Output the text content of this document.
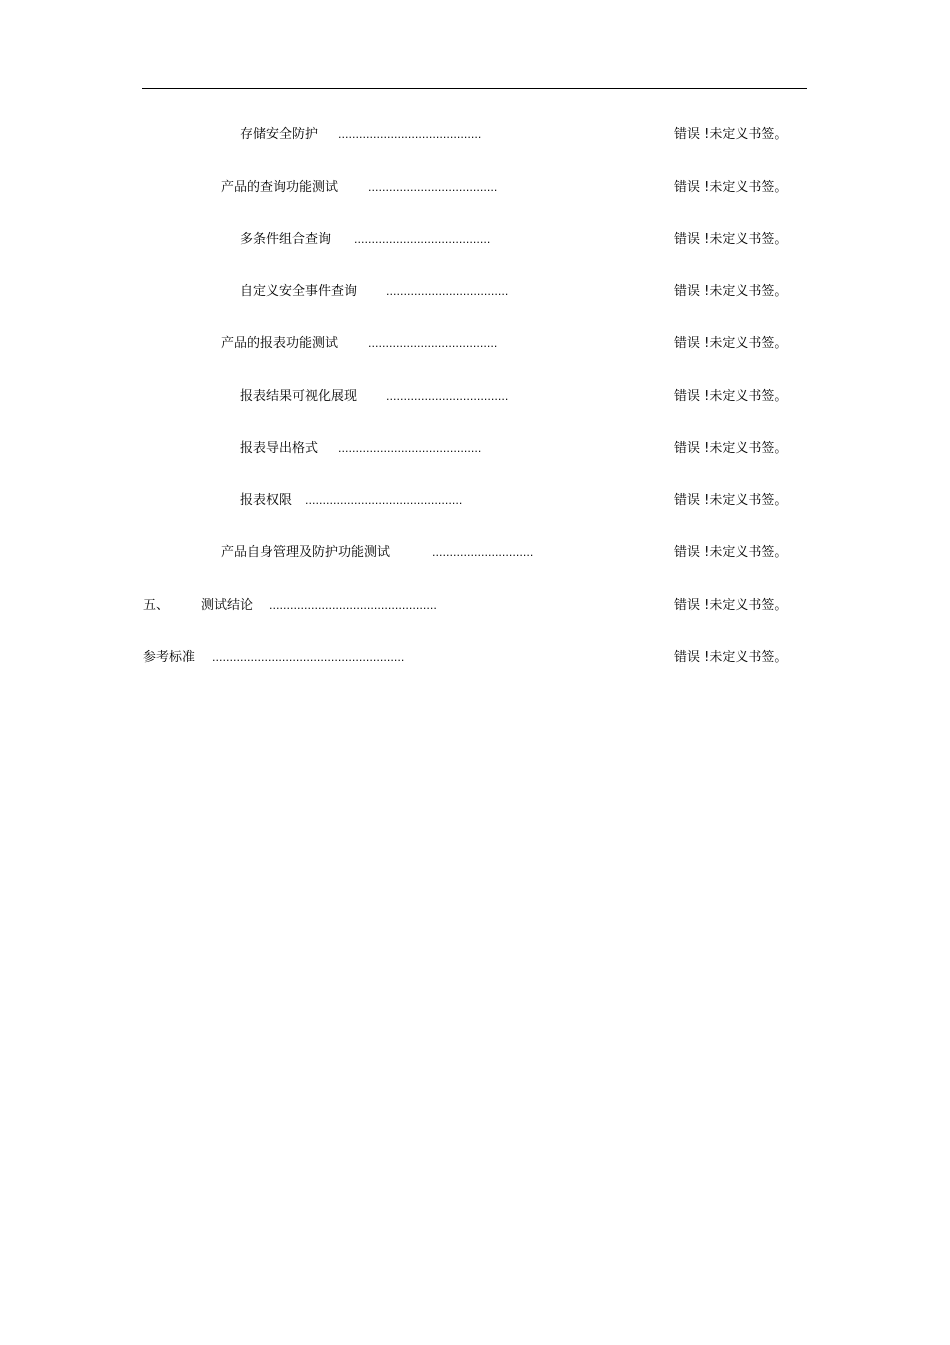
存储安全防护 .........................................	错误 !未定义书签。
产品的查询功能测试	.....................................	错误 !未定义书签。
多条件组合查询 .......................................	错误 !未定义书签。
自定义安全事件查询	...................................	错误 !未定义书签。
产品的报表功能测试	.....................................	错误 !未定义书签。
报表结果可视化展现	...................................	错误 !未定义书签。
报表导出格式 .........................................	错误 !未定义书签。
报表权限 .............................................	错误 !未定义书签。
产品自身管理及防护功能测试	.............................	错误 !未定义书签。
五、 测试结论 ................................................	错误 !未定义书签。
参考标准 .......................................................	错误 !未定义书签。
